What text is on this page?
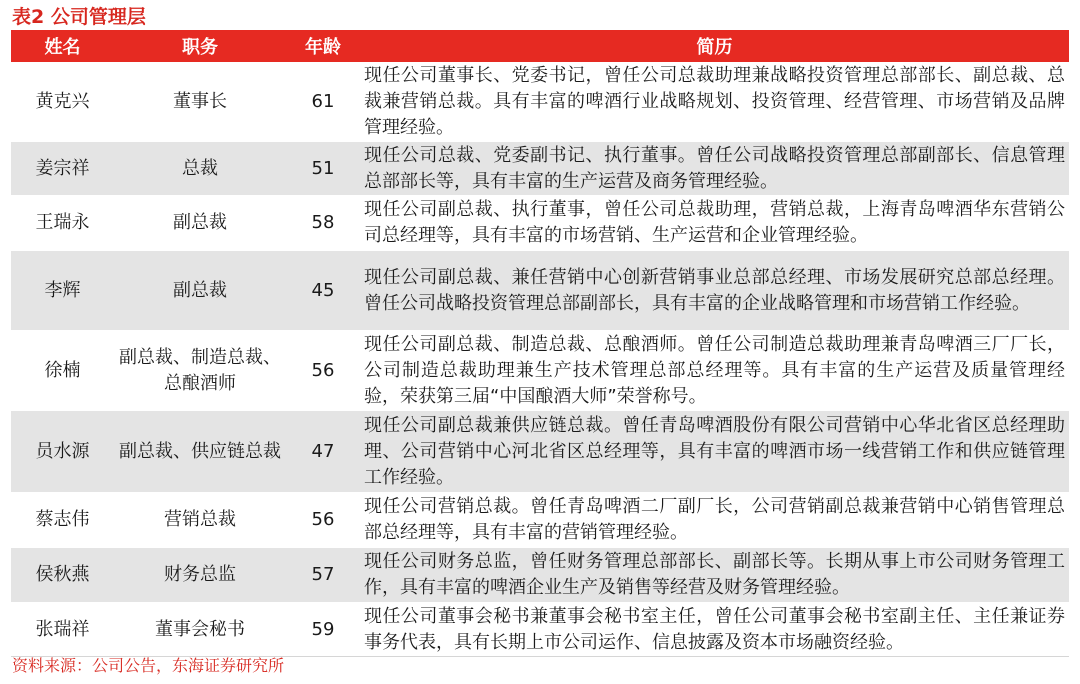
表2 公司管理层
姓名	职务	年龄	简历
黄克兴	董事长	61	现任公司董事长、党委书记，曾任公司总裁助理兼战略投资管理总部部长、副总裁、总裁兼营销总裁。具有丰富的啤酒行业战略规划、投资管理、经营管理、市场营销及品牌管理经验。
姜宗祥	总裁	51	现任公司总裁、党委副书记、执行董事。曾任公司战略投资管理总部副部长、信息管理总部部长等，具有丰富的生产运营及商务管理经验。
王瑞永	副总裁	58	现任公司副总裁、执行董事，曾任公司总裁助理，营销总裁，上海青岛啤酒华东营销公司总经理等，具有丰富的市场营销、生产运营和企业管理经验。
李辉	副总裁	45	现任公司副总裁、兼任营销中心创新营销事业总部总经理、市场发展研究总部总经理。曾任公司战略投资管理总部副部长，具有丰富的企业战略管理和市场营销工作经验。
徐楠	副总裁、制造总裁、总酿酒师	56	现任公司副总裁、制造总裁、总酿酒师。曾任公司制造总裁助理兼青岛啤酒三厂厂长，公司制造总裁助理兼生产技术管理总部总经理等。具有丰富的生产运营及质量管理经验，荣获第三届“中国酿酒大师”荣誉称号。
员水源	副总裁、供应链总裁	47	现任公司副总裁兼供应链总裁。曾任青岛啤酒股份有限公司营销中心华北省区总经理助理、公司营销中心河北省区总经理等，具有丰富的啤酒市场一线营销工作和供应链管理工作经验。
蔡志伟	营销总裁	56	现任公司营销总裁。曾任青岛啤酒二厂副厂长，公司营销副总裁兼营销中心销售管理总部总经理等，具有丰富的营销管理经验。
侯秋燕	财务总监	57	现任公司财务总监，曾任财务管理总部部长、副部长等。长期从事上市公司财务管理工作，具有丰富的啤酒企业生产及销售等经营及财务管理经验。
张瑞祥	董事会秘书	59	现任公司董事会秘书兼董事会秘书室主任，曾任公司董事会秘书室副主任、主任兼证券事务代表，具有长期上市公司运作、信息披露及资本市场融资经验。
资料来源：公司公告，东海证券研究所
